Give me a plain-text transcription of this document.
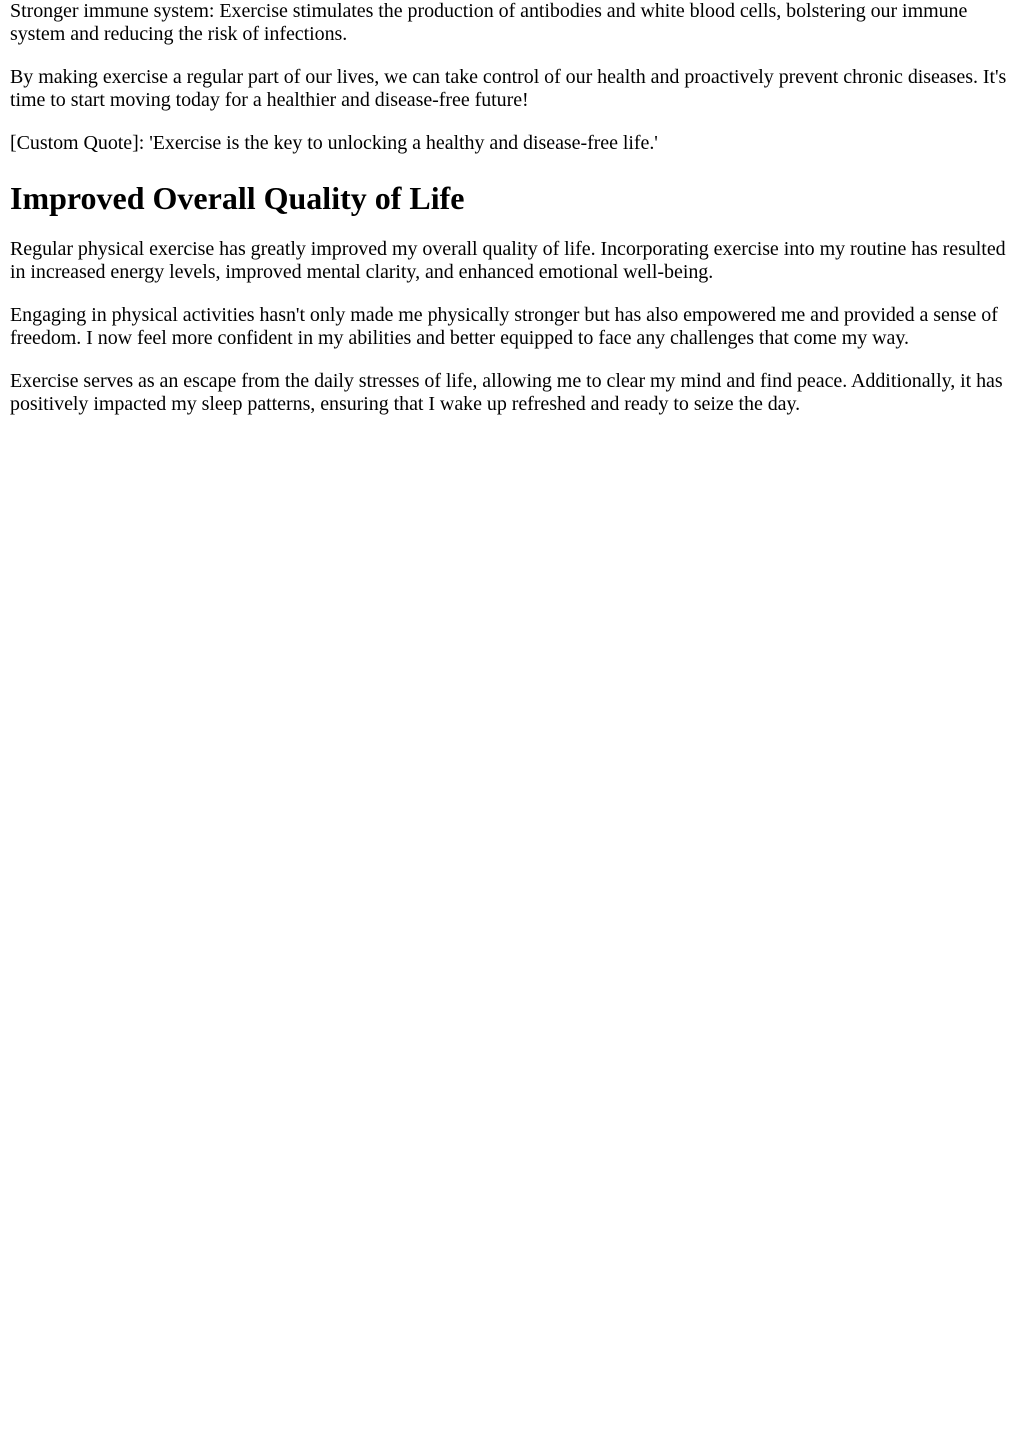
Stronger immune system: Exercise stimulates the production of antibodies and white blood cells, bolstering our immune system and reducing the risk of infections.

By making exercise a regular part of our lives, we can take control of our health and proactively prevent chronic diseases. It's time to start moving today for a healthier and disease-free future!

[Custom Quote]: 'Exercise is the key to unlocking a healthy and disease-free life.'

Improved Overall Quality of Life

Regular physical exercise has greatly improved my overall quality of life. Incorporating exercise into my routine has resulted in increased energy levels, improved mental clarity, and enhanced emotional well-being.

Engaging in physical activities hasn't only made me physically stronger but has also empowered me and provided a sense of freedom. I now feel more confident in my abilities and better equipped to face any challenges that come my way.

Exercise serves as an escape from the daily stresses of life, allowing me to clear my mind and find peace. Additionally, it has positively impacted my sleep patterns, ensuring that I wake up refreshed and ready to seize the day.
